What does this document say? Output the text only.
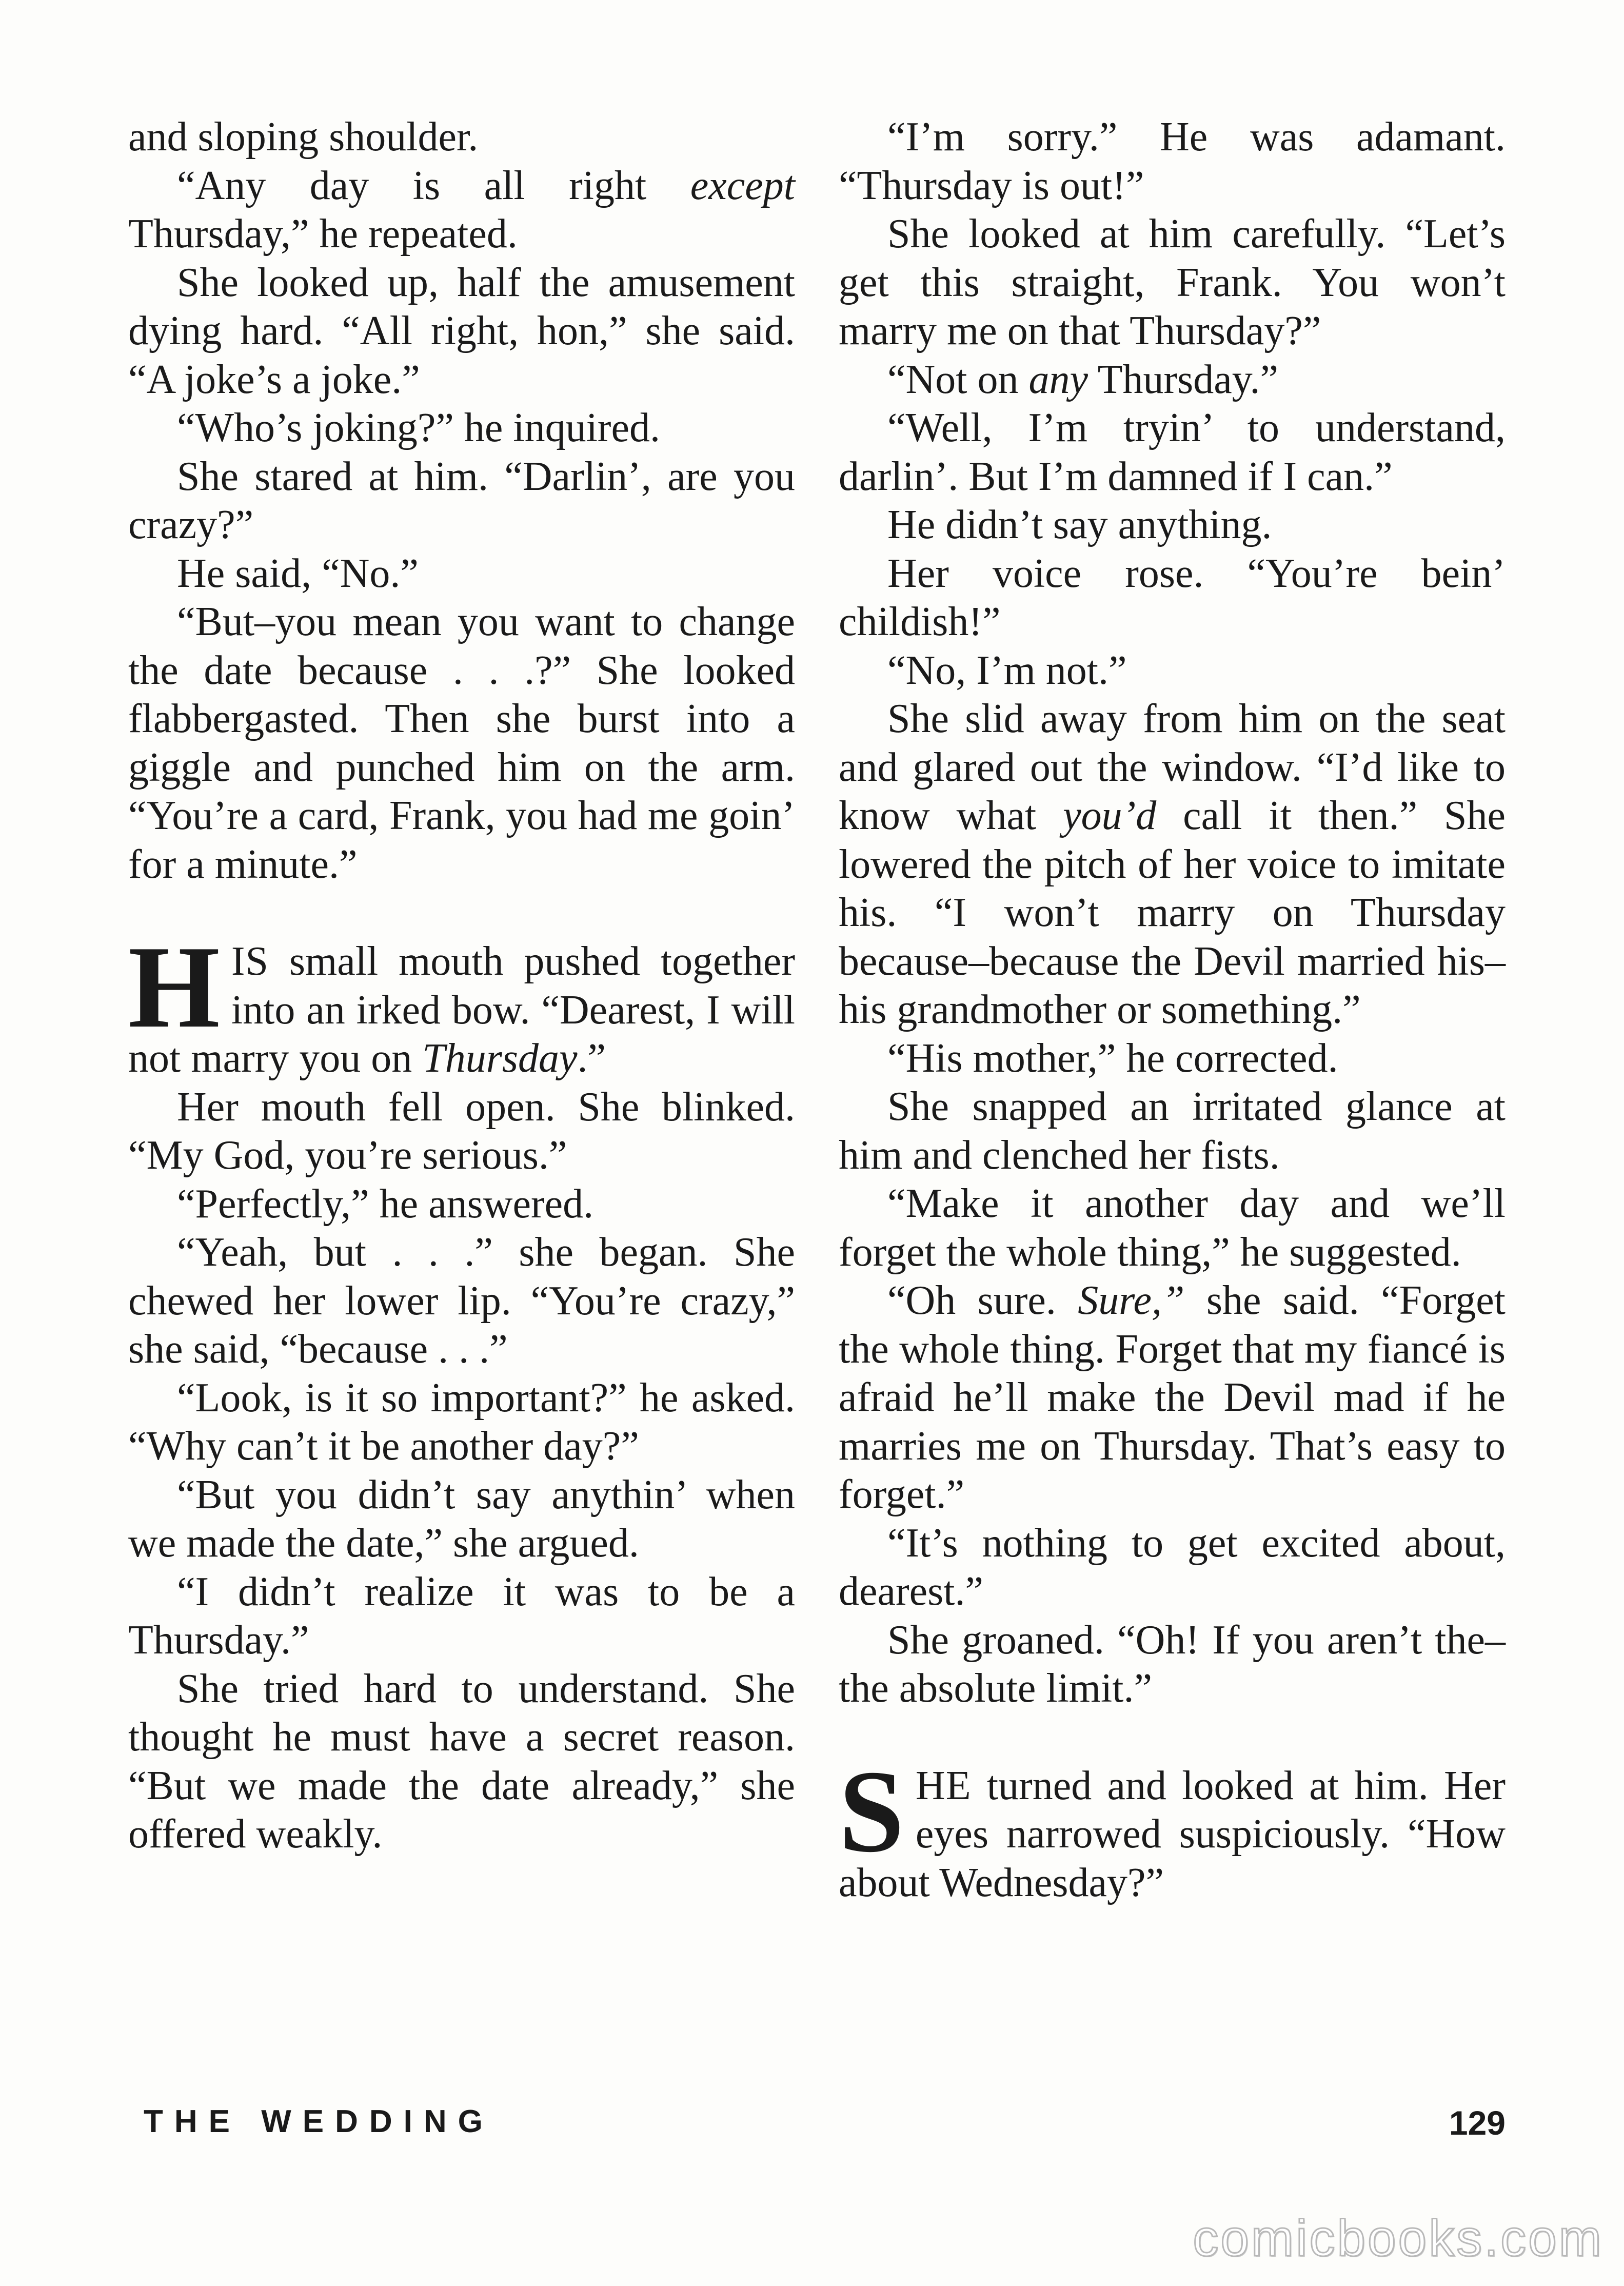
and sloping shoulder.

“Any day is all right except Thursday,” he repeated.

She looked up, half the amusement dying hard. “All right, hon,” she said. “A joke’s a joke.”

“Who’s joking?” he inquired.

She stared at him. “Darlin’, are you crazy?”

He said, “No.”

“But–you mean you want to change the date because . . .?” She looked flabbergasted. Then she burst into a giggle and punched him on the arm. “You’re a card, Frank, you had me goin’ for a minute.”

HIS small mouth pushed together into an irked bow. “Dearest, I will not marry you on Thursday.”

Her mouth fell open. She blinked. “My God, you’re serious.”

“Perfectly,” he answered.

“Yeah, but . . .” she began. She chewed her lower lip. “You’re crazy,” she said, “because . . .”

“Look, is it so important?” he asked. “Why can’t it be another day?”

“But you didn’t say anythin’ when we made the date,” she argued.

“I didn’t realize it was to be a Thursday.”

She tried hard to understand. She thought he must have a secret reason. “But we made the date already,” she offered weakly.

“I’m sorry.” He was adamant. “Thursday is out!”

She looked at him carefully. “Let’s get this straight, Frank. You won’t marry me on that Thursday?”

“Not on any Thursday.”

“Well, I’m tryin’ to understand, darlin’. But I’m damned if I can.”

He didn’t say anything.

Her voice rose. “You’re bein’ childish!”

“No, I’m not.”

She slid away from him on the seat and glared out the window. “I’d like to know what you’d call it then.” She lowered the pitch of her voice to imitate his. “I won’t marry on Thursday because–because the Devil married his–his grandmother or something.”

“His mother,” he corrected.

She snapped an irritated glance at him and clenched her fists.

“Make it another day and we’ll forget the whole thing,” he suggested.

“Oh sure. Sure,” she said. “Forget the whole thing. Forget that my fiancé is afraid he’ll make the Devil mad if he marries me on Thursday. That’s easy to forget.”

“It’s nothing to get excited about, dearest.”

She groaned. “Oh! If you aren’t the–the absolute limit.”

SHE turned and looked at him. Her eyes narrowed suspiciously. “How about Wednesday?”

THE WEDDING	129
comicbooks.com
